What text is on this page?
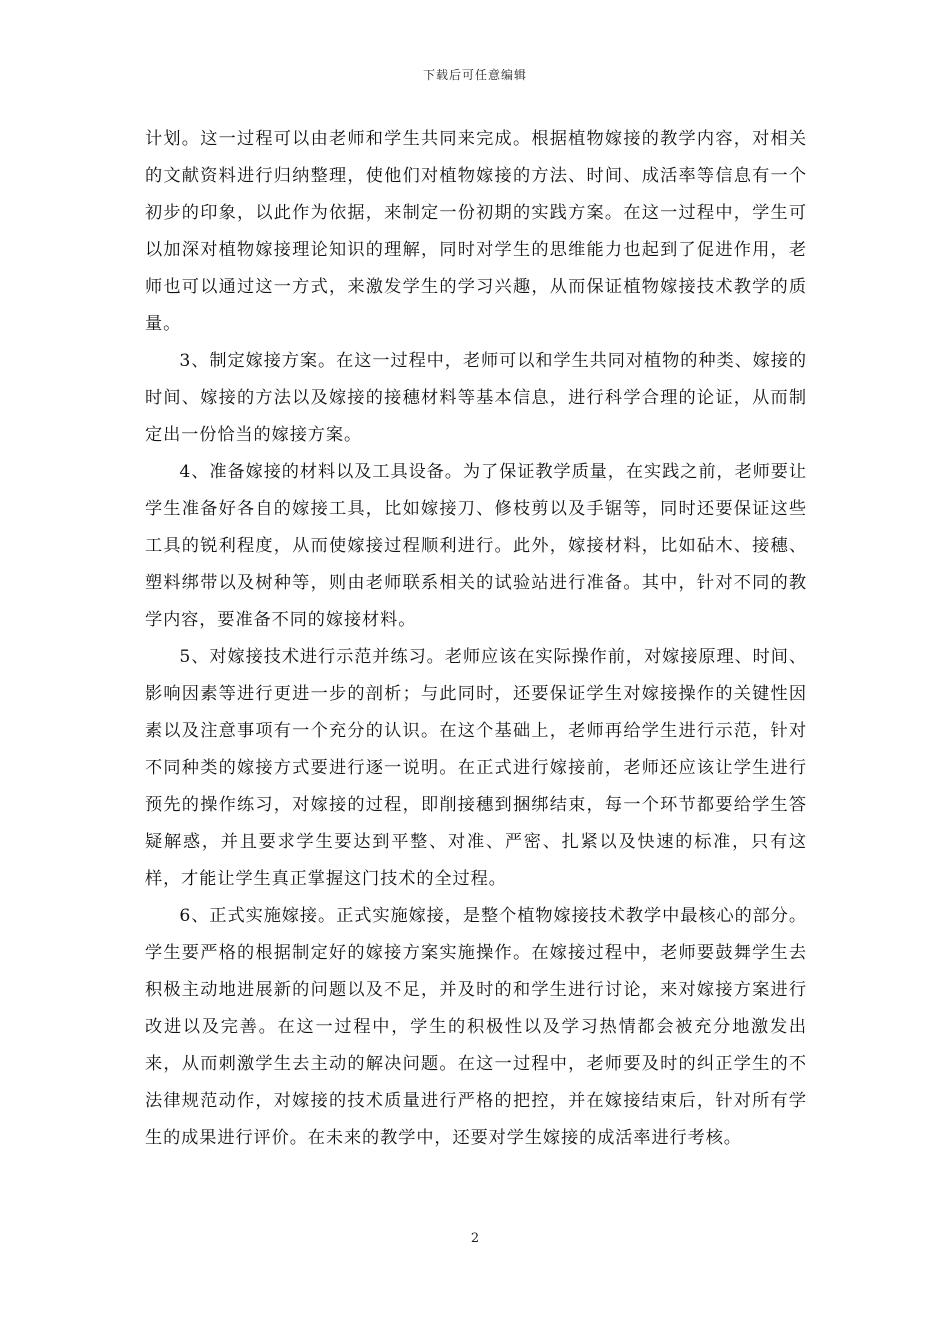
下载后可任意编辑

计划。这一过程可以由老师和学生共同来完成。根据植物嫁接的教学内容，对相关的文献资料进行归纳整理，使他们对植物嫁接的方法、时间、成活率等信息有一个初步的印象，以此作为依据，来制定一份初期的实践方案。在这一过程中，学生可以加深对植物嫁接理论知识的理解，同时对学生的思维能力也起到了促进作用，老师也可以通过这一方式，来激发学生的学习兴趣，从而保证植物嫁接技术教学的质量。

3、制定嫁接方案。在这一过程中，老师可以和学生共同对植物的种类、嫁接的时间、嫁接的方法以及嫁接的接穗材料等基本信息，进行科学合理的论证，从而制定出一份恰当的嫁接方案。

4、准备嫁接的材料以及工具设备。为了保证教学质量，在实践之前，老师要让学生准备好各自的嫁接工具，比如嫁接刀、修枝剪以及手锯等，同时还要保证这些工具的锐利程度，从而使嫁接过程顺利进行。此外，嫁接材料，比如砧木、接穗、塑料绑带以及树种等，则由老师联系相关的试验站进行准备。其中，针对不同的教学内容，要准备不同的嫁接材料。

5、对嫁接技术进行示范并练习。老师应该在实际操作前，对嫁接原理、时间、影响因素等进行更进一步的剖析；与此同时，还要保证学生对嫁接操作的关键性因素以及注意事项有一个充分的认识。在这个基础上，老师再给学生进行示范，针对不同种类的嫁接方式要进行逐一说明。在正式进行嫁接前，老师还应该让学生进行预先的操作练习，对嫁接的过程，即削接穗到捆绑结束，每一个环节都要给学生答疑解惑，并且要求学生要达到平整、对准、严密、扎紧以及快速的标准，只有这样，才能让学生真正掌握这门技术的全过程。

6、正式实施嫁接。正式实施嫁接，是整个植物嫁接技术教学中最核心的部分。学生要严格的根据制定好的嫁接方案实施操作。在嫁接过程中，老师要鼓舞学生去积极主动地进展新的问题以及不足，并及时的和学生进行讨论，来对嫁接方案进行改进以及完善。在这一过程中，学生的积极性以及学习热情都会被充分地激发出来，从而刺激学生去主动的解决问题。在这一过程中，老师要及时的纠正学生的不法律规范动作，对嫁接的技术质量进行严格的把控，并在嫁接结束后，针对所有学生的成果进行评价。在未来的教学中，还要对学生嫁接的成活率进行考核。

2
